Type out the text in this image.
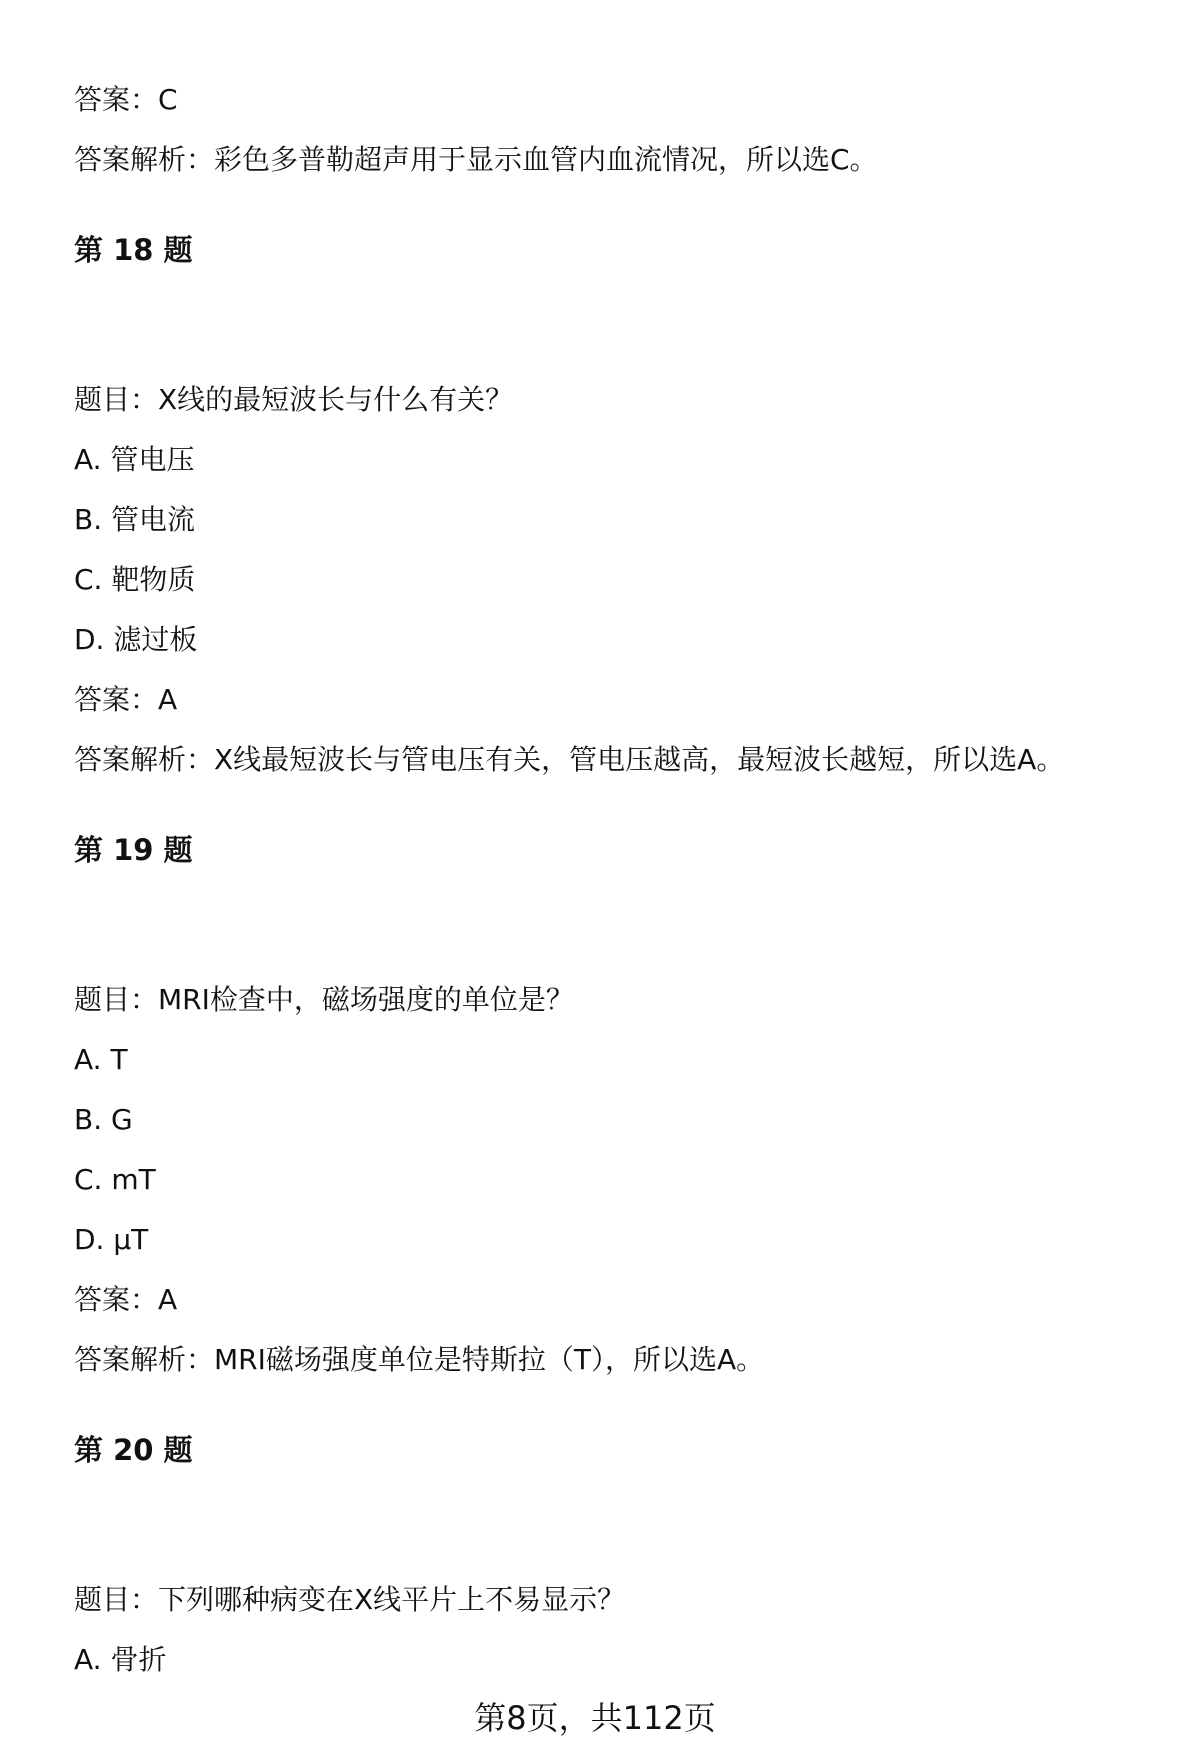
答案：C
答案解析：彩色多普勒超声用于显示血管内血流情况，所以选C。
第 18 题
题目：X线的最短波长与什么有关？
A. 管电压
B. 管电流
C. 靶物质
D. 滤过板
答案：A
答案解析：X线最短波长与管电压有关，管电压越高，最短波长越短，所以选A。
第 19 题
题目：MRI检查中，磁场强度的单位是？
A. T
B. G
C. mT
D. μT
答案：A
答案解析：MRI磁场强度单位是特斯拉（T），所以选A。
第 20 题
题目：下列哪种病变在X线平片上不易显示？
A. 骨折
第8页，共112页
